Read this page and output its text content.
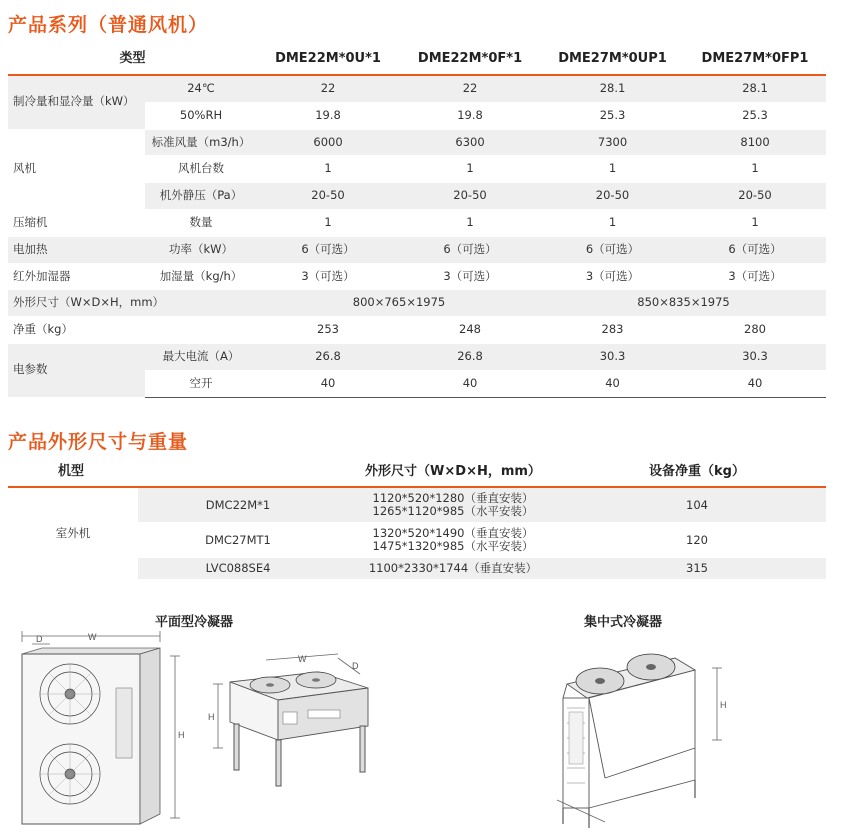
产品系列（普通风机）
类型		DME22M*0U*1	DME22M*0F*1	DME27M*0UP1	DME27M*0FP1
制冷量和显冷量（kW）	24℃	22	22	28.1	28.1
	50%RH	19.8	19.8	25.3	25.3
风机	标准风量（m3/h）	6000	6300	7300	8100
	风机台数	1	1	1	1
	机外静压（Pa）	20-50	20-50	20-50	20-50
压缩机	数量	1	1	1	1
电加热	功率（kW）	6（可选）	6（可选）	6（可选）	6（可选）
红外加湿器	加湿量（kg/h）	3（可选）	3（可选）	3（可选）	3（可选）
外形尺寸（W×D×H，mm）		800×765×1975		850×835×1975	
净重（kg）		253	248	283	280
电参数	最大电流（A）	26.8	26.8	30.3	30.3
	空开	40	40	40	40
产品外形尺寸与重量
机型		外形尺寸（W×D×H，mm）	设备净重（kg）
室外机	DMC22M*1	1120*520*1280（垂直安装）
1265*1120*985（水平安装）	104
	DMC27MT1	1320*520*1490（垂直安装）
1475*1320*985（水平安装）	120
	LVC088SE4	1100*2330*1744（垂直安装）	315
平面型冷凝器	集中式冷凝器
W
D
H
W
D
H
H
